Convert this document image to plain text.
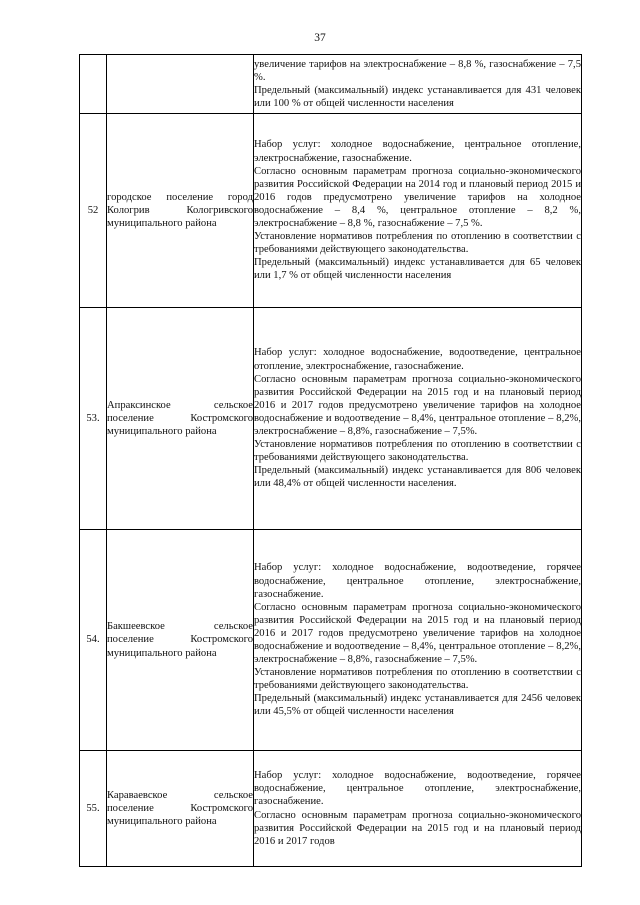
37

		увеличение тарифов на электроснабжение – 8,8 %, газоснабжение – 7,5 %.

Предельный (максимальный) индекс устанавливается для 431 человек или 100 % от общей численности населения

52	городское поселение город Кологрив Кологривского муниципального района	Набор услуг: холодное водоснабжение, центральное отопление, электроснабжение, газоснабжение.

Согласно основным параметрам прогноза социально-экономического развития Российской Федерации на 2014 год и плановый период 2015 и 2016 годов предусмотрено увеличение тарифов на холодное водоснабжение – 8,4 %, центральное отопление – 8,2 %, электроснабжение – 8,8 %, газоснабжение – 7,5 %.

Установление нормативов потребления по отоплению в соответствии с требованиями действующего законодательства.

Предельный (максимальный) индекс устанавливается для 65 человек или 1,7 % от общей численности населения

53.	Апраксинское сельское поселение Костромского муниципального района	Набор услуг: холодное водоснабжение, водоотведение, центральное отопление, электроснабжение, газоснабжение.

Согласно основным параметрам прогноза социально-экономического развития Российской Федерации на 2015 год и на плановый период 2016 и 2017 годов предусмотрено увеличение тарифов на холодное водоснабжение и водоотведение – 8,4%, центральное отопление – 8,2%, электроснабжение – 8,8%, газоснабжение – 7,5%.

Установление нормативов потребления по отоплению в соответствии с требованиями действующего законодательства.

Предельный (максимальный) индекс устанавливается для 806 человек или 48,4% от общей численности населения.

54.	Бакшеевское сельское поселение Костромского муниципального района	Набор услуг: холодное водоснабжение, водоотведение, горячее водоснабжение, центральное отопление, электроснабжение, газоснабжение.

Согласно основным параметрам прогноза социально-экономического развития Российской Федерации на 2015 год и на плановый период 2016 и 2017 годов предусмотрено увеличение тарифов на холодное водоснабжение и водоотведение – 8,4%, центральное отопление – 8,2%, электроснабжение – 8,8%, газоснабжение – 7,5%.

Установление нормативов потребления по отоплению в соответствии с требованиями действующего законодательства.

Предельный (максимальный) индекс устанавливается для 2456 человек или 45,5% от общей численности населения

55.	Караваевское сельское поселение Костромского муниципального района	Набор услуг: холодное водоснабжение, водоотведение, горячее водоснабжение, центральное отопление, электроснабжение, газоснабжение.

Согласно основным параметрам прогноза социально-экономического развития Российской Федерации на 2015 год и на плановый период 2016 и 2017 годов
